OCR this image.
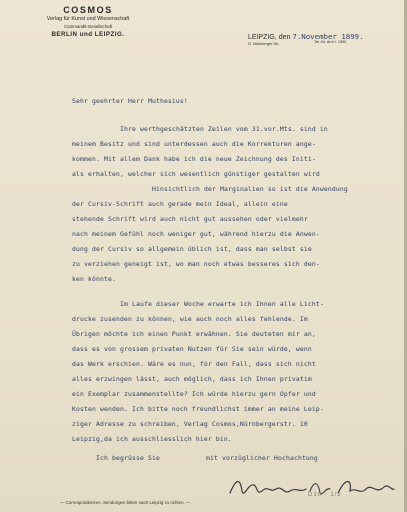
COSMOS
Verlag für Kunst und Wissenschaft
Commandit-Gesellschaft
BERLIN und LEIPZIG.	LEIPZIG, den 7.November 1899.
G. Nürnberger Str.	Tel.-Nr. Amt I. 1590.
Sehr geehrter Herr Muthesius!
Ihre werthgeschätzten Zeilen vom 31.vor.Mts. sind in
meinem Besitz und sind unterdessen auch die Korrekturen ange-
kommen. Mit allem Dank habe ich die neue Zeichnung des Initi-
als erhalten, welcher sich wesentlich günstiger gestalten wird
Hinsichtlich der Marginalien so ist die Anwendung
der Cursiv-Schrift auch gerade mein Ideal, allein eine
stehende Schrift wird auch nicht gut aussehen oder vielmehr
nach meinem Gefühl noch weniger gut, während hierzu die Anwen-
dung der Cursiv so allgemein üblich ist, dass man selbst sie
zu verziehen geneigt ist, wo man noch etwas besseres sich den-
ken könnte.
Im Laufe dieser Woche erwarte ich Ihnen alle Licht-
drucke zusenden zu können, wie auch noch alles fehlende. Im
Übrigen möchte ich einen Punkt erwähnen. Sie deuteten mir an,
dass es von grossem privaten Nutzen für Sie sein würde, wenn
das Werk erschien. Wäre es nun, für den Fall, dass sich nicht
alles erzwingen lässt, auch möglich, dass ich Ihnen privatim
ein Exemplar zusammenstellte? Ich würde hierzu gern Opfer und
Kosten wenden. Ich bitte noch freundlichst immer an meine Leip-
ziger Adresse zu schreiben, Verlag Cosmos,Nürnbergerstr. 10
Leipzig,da ich ausschliesslich hier bin.
Ich begrüsse Sie	mit vorzüglicher Hochachtung
D10 - 1/2
— Correspondenzen, Sendungen bitten nach Leipzig zu richten. —
